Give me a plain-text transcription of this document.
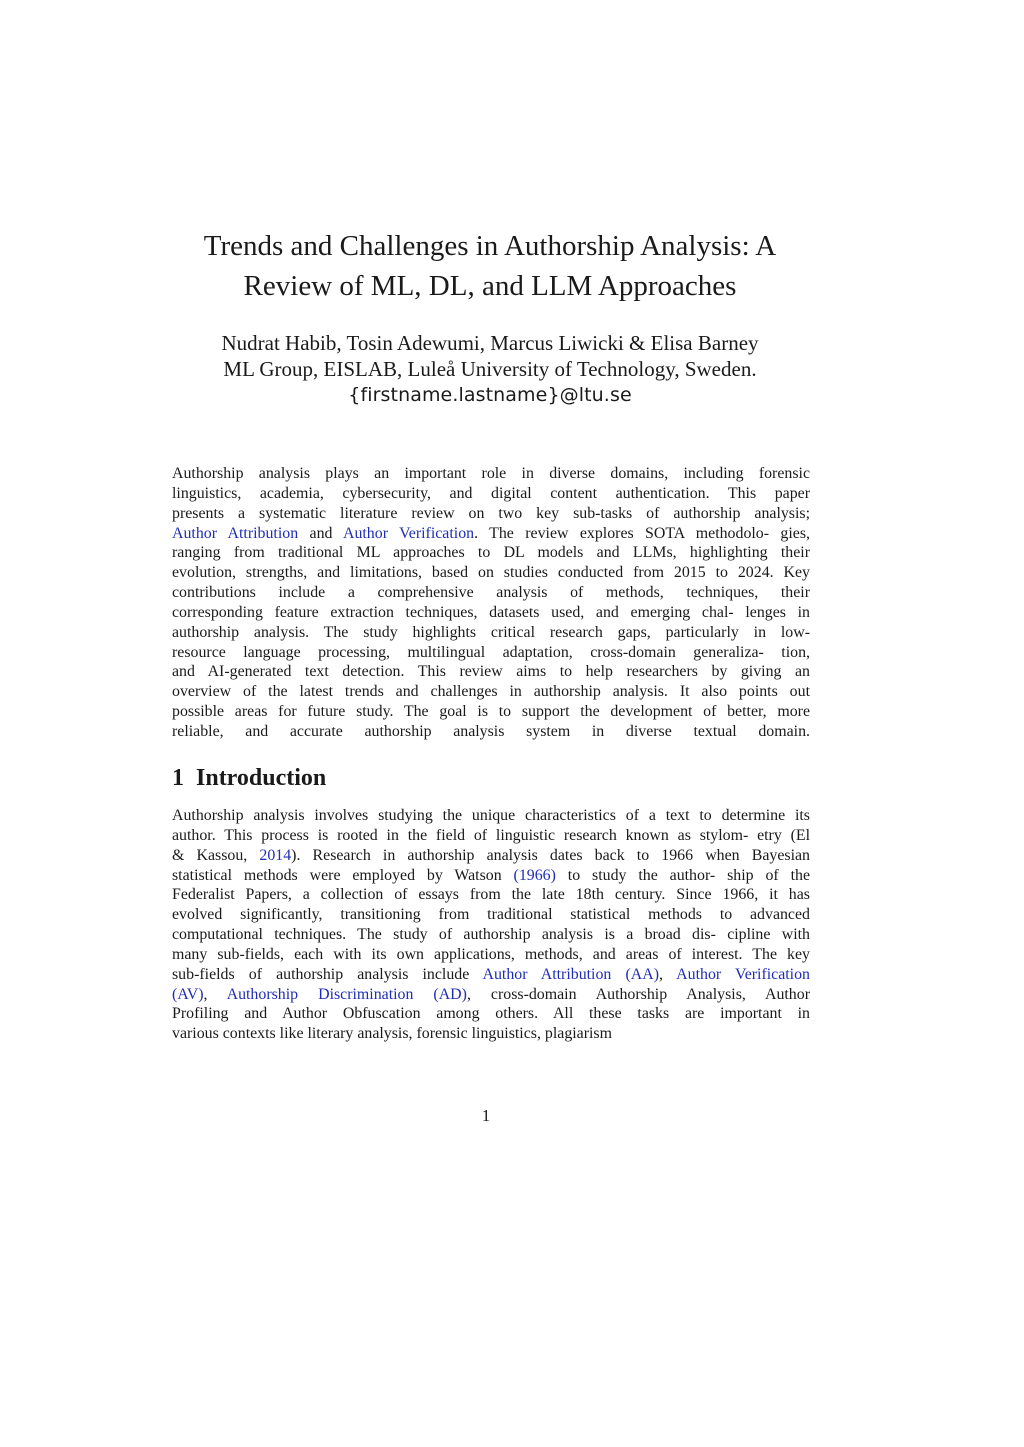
Trends and Challenges in Authorship Analysis: A
Review of ML, DL, and LLM Approaches

Nudrat Habib, Tosin Adewumi, Marcus Liwicki & Elisa Barney

ML Group, EISLAB, Luleå University of Technology, Sweden.

{firstname.lastname}@ltu.se

Authorship analysis plays an important role in diverse domains, including forensic
linguistics, academia, cybersecurity, and digital content authentication. This paper
presents a systematic literature review on two key sub-tasks of authorship analysis;
Author Attribution and Author Verification. The review explores SOTA methodolo- gies,
ranging from traditional ML approaches to DL models and LLMs, highlighting their
evolution, strengths, and limitations, based on studies conducted from 2015 to 2024. Key
contributions include a comprehensive analysis of methods, techniques, their
corresponding feature extraction techniques, datasets used, and emerging chal- lenges in
authorship analysis. The study highlights critical research gaps, particularly in low-
resource language processing, multilingual adaptation, cross-domain generaliza- tion,
and AI-generated text detection. This review aims to help researchers by giving an
overview of the latest trends and challenges in authorship analysis. It also points out
possible areas for future study. The goal is to support the development of better, more
reliable, and accurate authorship analysis system in diverse textual domain.
1 Introduction
Authorship analysis involves studying the unique characteristics of a text to determine its
author. This process is rooted in the field of linguistic research known as stylom- etry (El
& Kassou, 2014). Research in authorship analysis dates back to 1966 when Bayesian
statistical methods were employed by Watson (1966) to study the author- ship of the
Federalist Papers, a collection of essays from the late 18th century. Since 1966, it has
evolved significantly, transitioning from traditional statistical methods to advanced
computational techniques. The study of authorship analysis is a broad dis- cipline with
many sub-fields, each with its own applications, methods, and areas of interest. The key
sub-fields of authorship analysis include Author Attribution (AA), Author Verification
(AV), Authorship Discrimination (AD), cross-domain Authorship Analysis, Author
Profiling and Author Obfuscation among others. All these tasks are important in
various contexts like literary analysis, forensic linguistics, plagiarism
1
